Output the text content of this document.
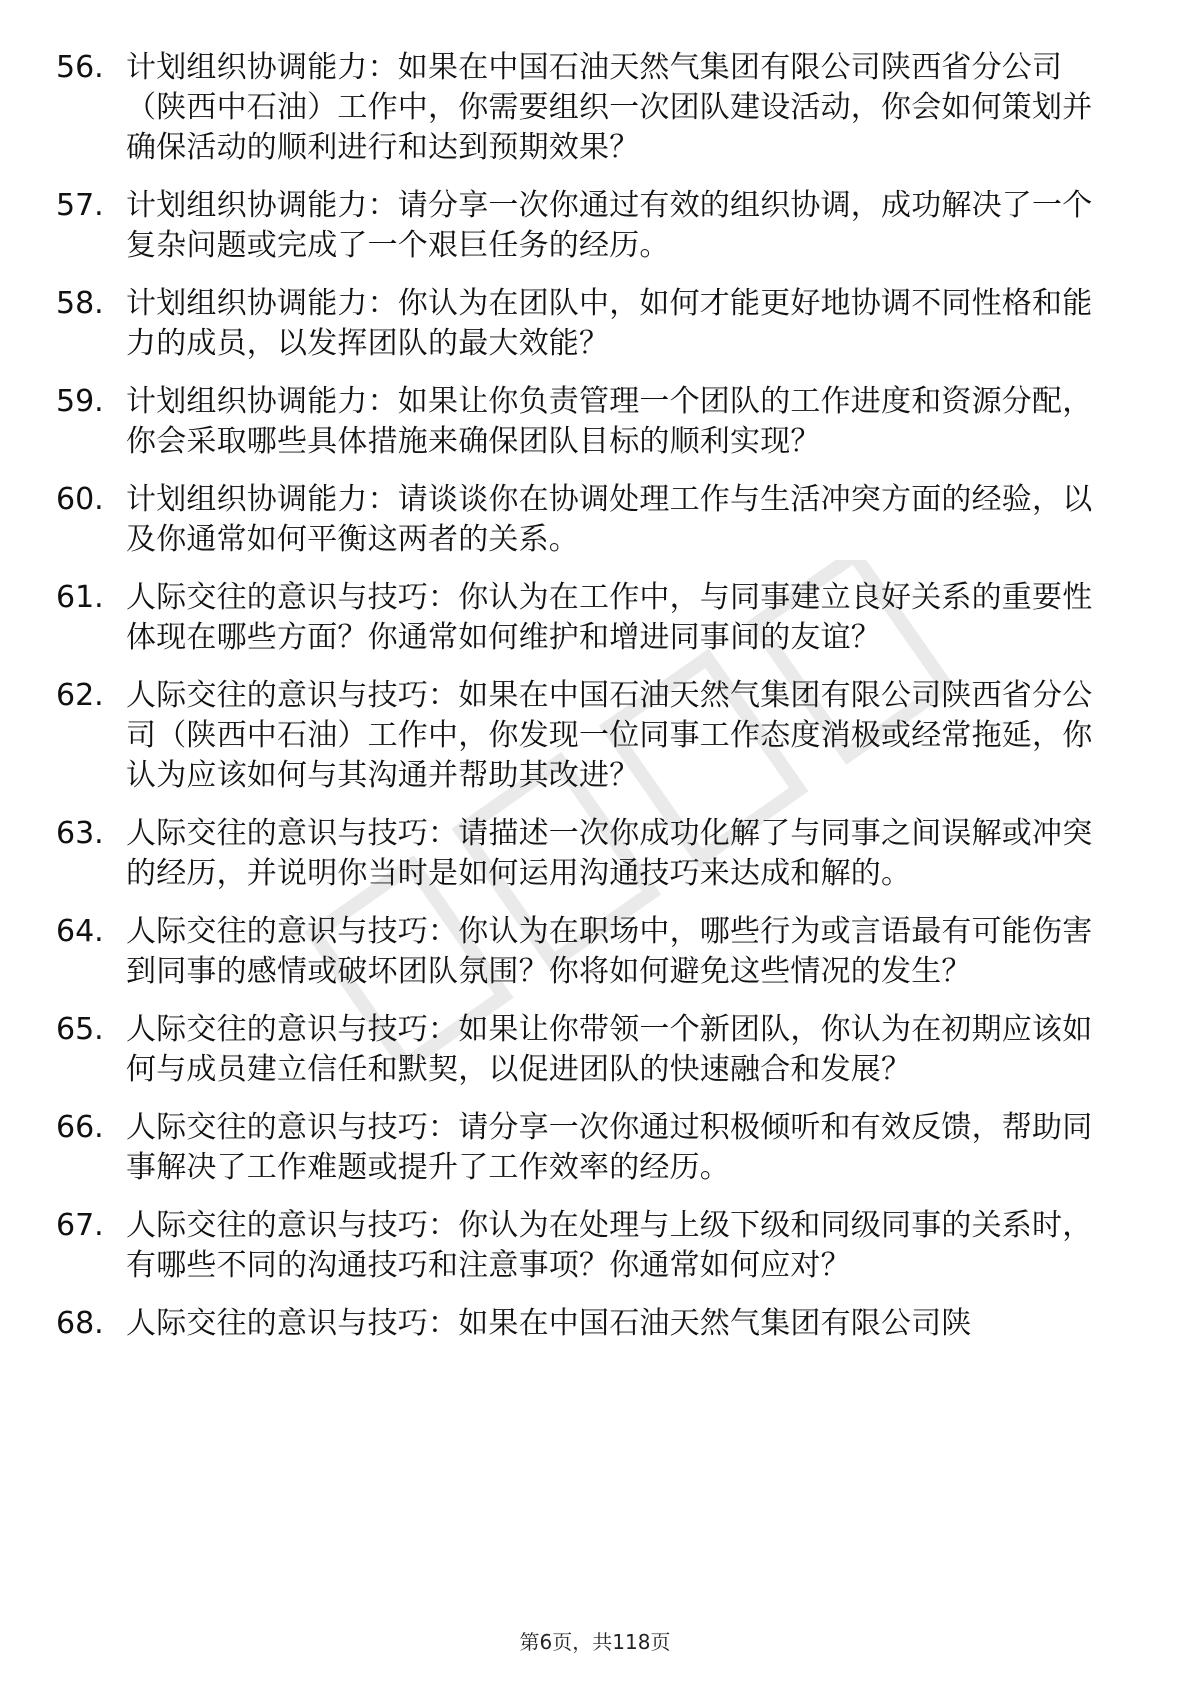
56. 计划组织协调能力：如果在中国石油天然气集团有限公司陕西省分公司（陕西中石油）工作中，你需要组织一次团队建设活动，你会如何策划并确保活动的顺利进行和达到预期效果？
57. 计划组织协调能力：请分享一次你通过有效的组织协调，成功解决了一个复杂问题或完成了一个艰巨任务的经历。
58. 计划组织协调能力：你认为在团队中，如何才能更好地协调不同性格和能力的成员，以发挥团队的最大效能？
59. 计划组织协调能力：如果让你负责管理一个团队的工作进度和资源分配，你会采取哪些具体措施来确保团队目标的顺利实现？
60. 计划组织协调能力：请谈谈你在协调处理工作与生活冲突方面的经验，以及你通常如何平衡这两者的关系。
61. 人际交往的意识与技巧：你认为在工作中，与同事建立良好关系的重要性体现在哪些方面？你通常如何维护和增进同事间的友谊？
62. 人际交往的意识与技巧：如果在中国石油天然气集团有限公司陕西省分公司（陕西中石油）工作中，你发现一位同事工作态度消极或经常拖延，你认为应该如何与其沟通并帮助其改进？
63. 人际交往的意识与技巧：请描述一次你成功化解了与同事之间误解或冲突的经历，并说明你当时是如何运用沟通技巧来达成和解的。
64. 人际交往的意识与技巧：你认为在职场中，哪些行为或言语最有可能伤害到同事的感情或破坏团队氛围？你将如何避免这些情况的发生？
65. 人际交往的意识与技巧：如果让你带领一个新团队，你认为在初期应该如何与成员建立信任和默契，以促进团队的快速融合和发展？
66. 人际交往的意识与技巧：请分享一次你通过积极倾听和有效反馈，帮助同事解决了工作难题或提升了工作效率的经历。
67. 人际交往的意识与技巧：你认为在处理与上级下级和同级同事的关系时，有哪些不同的沟通技巧和注意事项？你通常如何应对？
68. 人际交往的意识与技巧：如果在中国石油天然气集团有限公司陕
第6页，共118页
